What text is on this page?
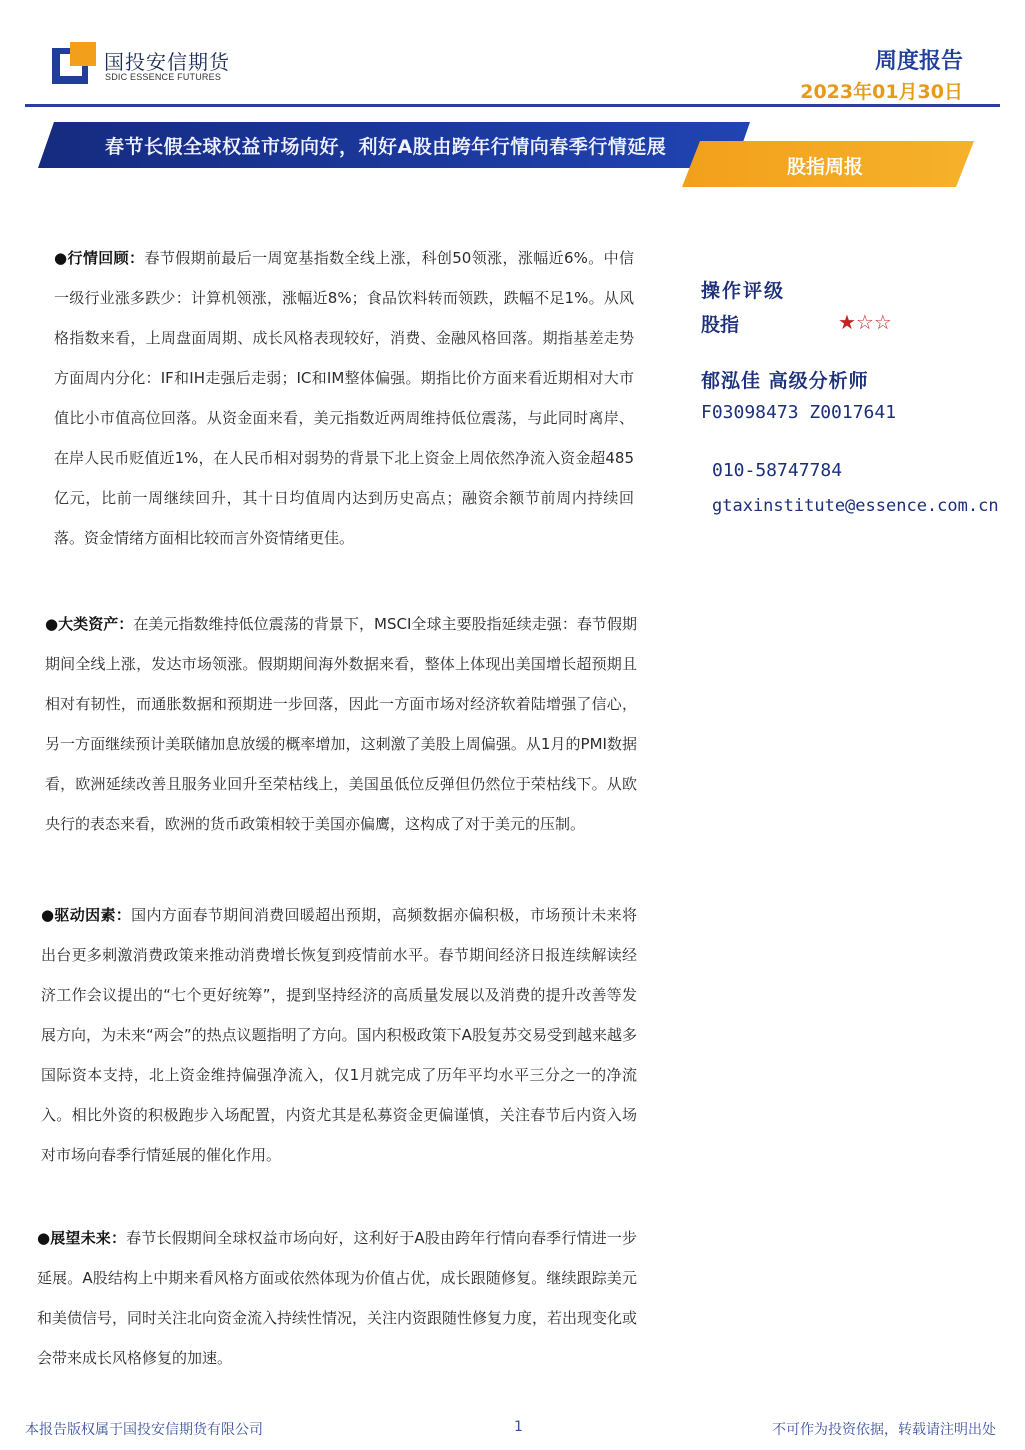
国投安信期货
SDIC ESSENCE FUTURES
周度报告
2023年01月30日
春节长假全球权益市场向好，利好A股由跨年行情向春季行情延展
股指周报
●行情回顾：春节假期前最后一周宽基指数全线上涨，科创50领涨，涨幅近6%。中信一级行业涨多跌少：计算机领涨，涨幅近8%；食品饮料转而领跌，跌幅不足1%。从风格指数来看，上周盘面周期、成长风格表现较好，消费、金融风格回落。期指基差走势方面周内分化：IF和IH走强后走弱；IC和IM整体偏强。期指比价方面来看近期相对大市值比小市值高位回落。从资金面来看，美元指数近两周维持低位震荡，与此同时离岸、在岸人民币贬值近1%，在人民币相对弱势的背景下北上资金上周依然净流入资金超485亿元，比前一周继续回升，其十日均值周内达到历史高点；融资余额节前周内持续回落。资金情绪方面相比较而言外资情绪更佳。
●大类资产：在美元指数维持低位震荡的背景下，MSCI全球主要股指延续走强：春节假期期间全线上涨，发达市场领涨。假期期间海外数据来看，整体上体现出美国增长超预期且相对有韧性，而通胀数据和预期进一步回落，因此一方面市场对经济软着陆增强了信心，另一方面继续预计美联储加息放缓的概率增加，这刺激了美股上周偏强。从1月的PMI数据看，欧洲延续改善且服务业回升至荣枯线上，美国虽低位反弹但仍然位于荣枯线下。从欧央行的表态来看，欧洲的货币政策相较于美国亦偏鹰，这构成了对于美元的压制。
●驱动因素：国内方面春节期间消费回暖超出预期，高频数据亦偏积极，市场预计未来将出台更多刺激消费政策来推动消费增长恢复到疫情前水平。春节期间经济日报连续解读经济工作会议提出的“七个更好统筹”，提到坚持经济的高质量发展以及消费的提升改善等发展方向，为未来“两会”的热点议题指明了方向。国内积极政策下A股复苏交易受到越来越多国际资本支持，北上资金维持偏强净流入，仅1月就完成了历年平均水平三分之一的净流入。相比外资的积极跑步入场配置，内资尤其是私募资金更偏谨慎，关注春节后内资入场对市场向春季行情延展的催化作用。
●展望未来：春节长假期间全球权益市场向好，这利好于A股由跨年行情向春季行情进一步延展。A股结构上中期来看风格方面或依然体现为价值占优，成长跟随修复。继续跟踪美元和美债信号，同时关注北向资金流入持续性情况，关注内资跟随性修复力度，若出现变化或会带来成长风格修复的加速。
操作评级
股指	★☆☆
郁泓佳 高级分析师
F03098473 Z0017641
010-58747784
gtaxinstitute@essence.com.cn
本报告版权属于国投安信期货有限公司	1	不可作为投资依据，转载请注明出处
